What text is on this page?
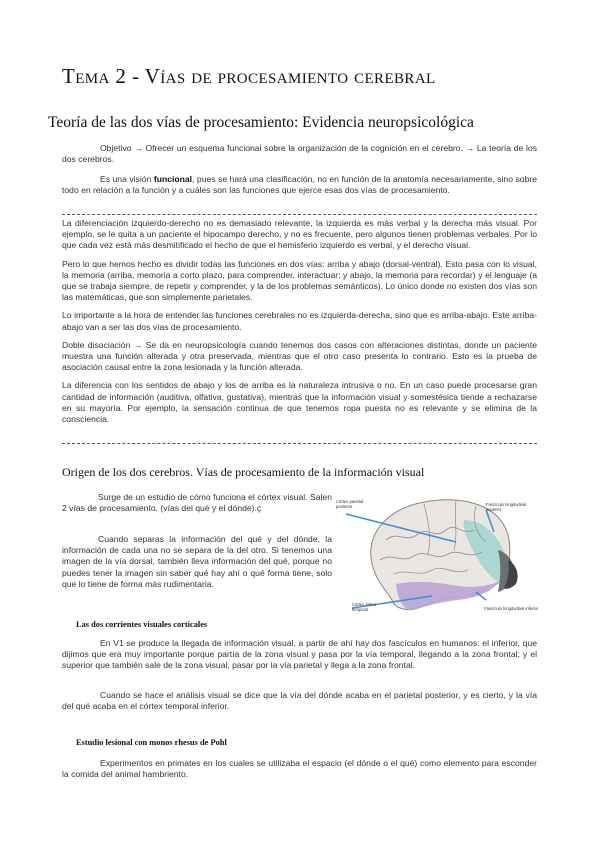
Tema 2 - Vías de procesamiento cerebral
Teoría de las dos vías de procesamiento: Evidencia neuropsicológica
Objetivo → Ofrecer un esquema funcional sobre la organización de la cognición en el cerebro. → La teoría de los dos cerebros.
Es una visión funcional, pues se hará una clasificación, no en función de la anatomía necesariamente, sino sobre todo en relación a la función y a cuáles son las funciones que ejerce esas dos vías de procesamiento.
La diferenciación izquierdo-derecho no es demasiado relevante, la izquierda es más verbal y la derecha más visual. Por ejemplo, se le quita a un paciente el hipocampo derecho, y no es frecuente, pero algunos tienen problemas verbales. Por lo que cada vez está más desmitificado el hecho de que el hemisferio izquierdo es verbal, y el derecho visual.
Pero lo que hemos hecho es dividir todas las funciones en dos vías: arriba y abajo (dorsal-ventral). Esto pasa con lo visual, la memoria (arriba, memoria a corto plazo, para comprender, interactuar; y abajo, la memoria para recordar) y el lenguaje (a que se trabaja siempre, de repetir y comprender, y la de los problemas semánticos). Lo único donde no existen dos vías son las matemáticas, que son simplemente parietales.
Lo importante a la hora de entender las funciones cerebrales no es izquierda-derecha, sino que es arriba-abajo. Este arriba-abajo van a ser las dos vías de procesamiento.
Doble disociación → Se da en neuropsicología cuando tenemos dos casos con alteraciones distintas, donde un paciente muestra una función alterada y otra preservada, mientras que el otro caso presenta lo contrario. Esto es la prueba de asociación causal entre la zona lesionada y la función alterada.
La diferencia con los sentidos de abajo y los de arriba es la naturaleza intrusiva o no. En un caso puede procesarse gran cantidad de información (auditiva, olfativa, gustativa), mientras que la información visual y somestésica tiende a rechazarse en su mayoría. Por ejemplo, la sensación continua de que tenemos ropa puesta no es relevante y se elimina de la consciencia.
Origen de los dos cerebros. Vías de procesamiento de la información visual
Surge de un estudio de cómo funciona el córtex visual. Salen 2 vías de procesamiento. (vías del qué y el dónde).ç
Cuando separas la información del qué y del dónde, la información de cada una no se separa de la del otro. Si tenemos una imagen de la vía dorsal, también lleva información del qué, porque no puedes tener la imagen sin saber qué hay ahí o qué forma tiene, solo que lo tiene de forma más rudimentaria.
Córtex parietal posterior	Fascículo longitudinal superior
Córtex ínfero temporal	Fascículo longitudinal inferior
Las dos corrientes visuales corticales
En V1 se produce la llegada de información visual, a partir de ahí hay dos fascículos en humanos: el inferior, que dijimos que era muy importante porque partía de la zona visual y pasa por la vía temporal, llegando a la zona frontal; y el superior que también sale de la zona visual, pasar por la vía parietal y llega a la zona frontal.
Cuando se hace el análisis visual se dice que la vía del dónde acaba en el parietal posterior, y es cierto, y la vía del qué acaba en el córtex temporal inferior.
Estudio lesional con monos rhesus de Pohl
Experimentos en primates en los cuales se utilizaba el espacio (el dónde o el qué) como elemento para esconder la comida del animal hambriento.
